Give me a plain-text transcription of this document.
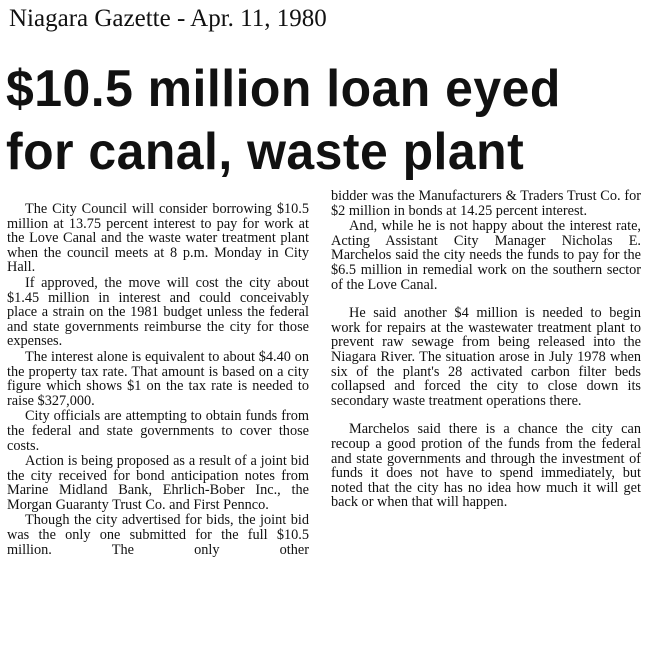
Niagara Gazette - Apr. 11, 1980
$10.5 million loan eyed
for canal, waste plant

The City Council will consider borrowing $10.5 million at 13.75 percent interest to pay for work at the Love Canal and the waste water treatment plant when the council meets at 8 p.m. Monday in City Hall.

If approved, the move will cost the city about $1.45 million in interest and could conceivably place a strain on the 1981 budget unless the federal and state governments reimburse the city for those expenses.

The interest alone is equivalent to about $4.40 on the property tax rate. That amount is based on a city figure which shows $1 on the tax rate is needed to raise $327,000.

City officials are attempting to obtain funds from the federal and state governments to cover those costs.

Action is being proposed as a result of a joint bid the city received for bond anticipation notes from Marine Midland Bank, Ehrlich-Bober Inc., the Morgan Guaranty Trust Co. and First Pennco.

Though the city advertised for bids, the joint bid was the only one submitted for the full $10.5 million. The only other

bidder was the Manufacturers & Traders Trust Co. for $2 million in bonds at 14.25 percent interest.

And, while he is not happy about the interest rate, Acting Assistant City Manager Nicholas E. Marchelos said the city needs the funds to pay for the $6.5 million in remedial work on the southern sector of the Love Canal.

He said another $4 million is needed to begin work for repairs at the wastewater treatment plant to prevent raw sewage from being released into the Niagara River. The situation arose in July 1978 when six of the plant's 28 activated carbon filter beds collapsed and forced the city to close down its secondary waste treatment operations there.

Marchelos said there is a chance the city can recoup a good protion of the funds from the federal and state governments and through the investment of funds it does not have to spend immediately, but noted that the city has no idea how much it will get back or when that will happen.
